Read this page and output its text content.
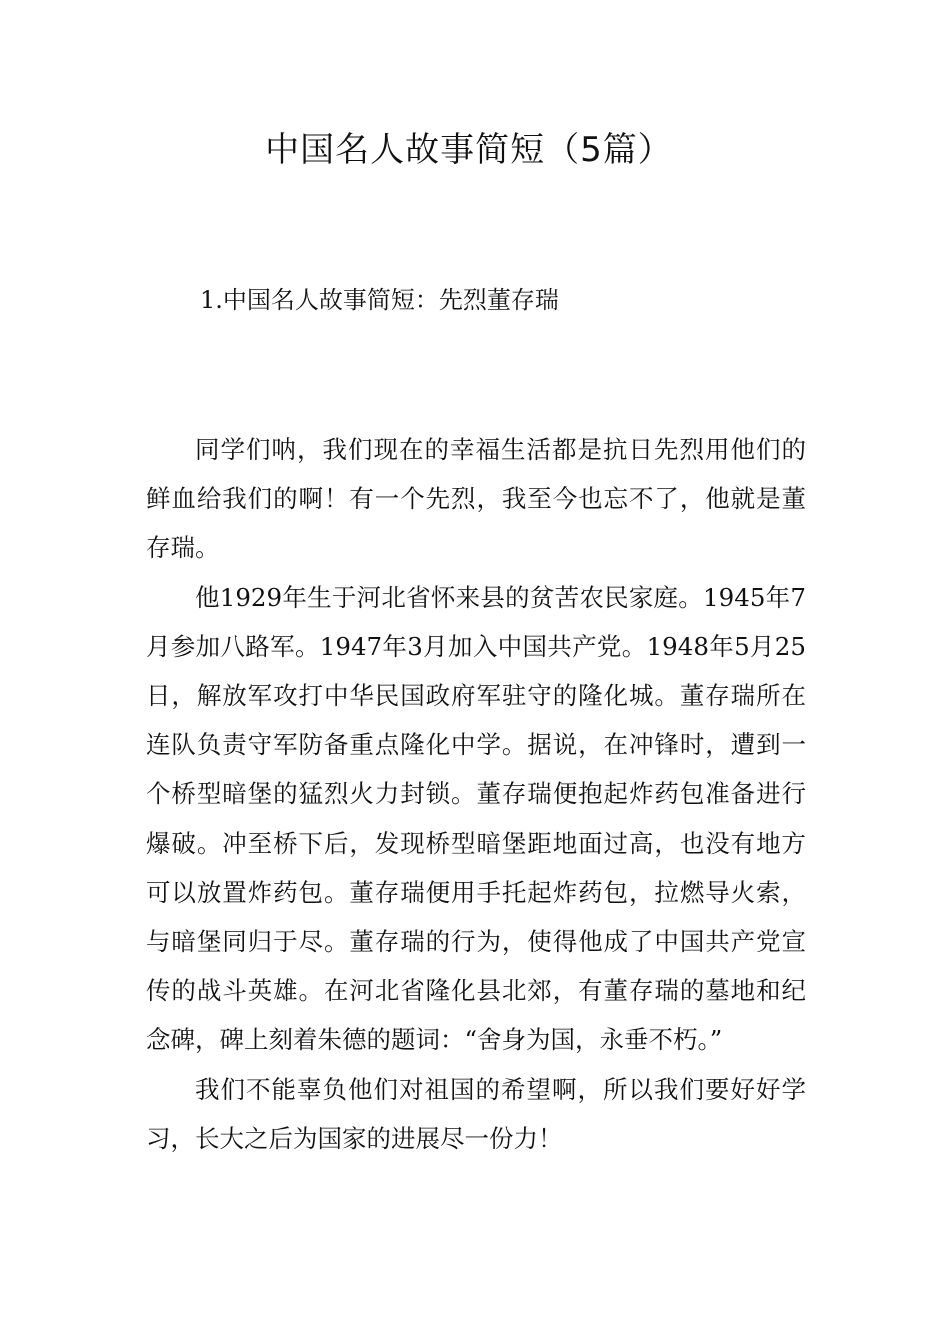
中国名人故事简短（5篇）
1.中国名人故事简短：先烈董存瑞

同学们呐，我们现在的幸福生活都是抗日先烈用他们的鲜血给我们的啊！有一个先烈，我至今也忘不了，他就是董存瑞。

他1929年生于河北省怀来县的贫苦农民家庭。1945年7月参加八路军。1947年3月加入中国共产党。1948年5月25日，解放军攻打中华民国政府军驻守的隆化城。董存瑞所在连队负责守军防备重点隆化中学。据说，在冲锋时，遭到一个桥型暗堡的猛烈火力封锁。董存瑞便抱起炸药包准备进行爆破。冲至桥下后，发现桥型暗堡距地面过高，也没有地方可以放置炸药包。董存瑞便用手托起炸药包，拉燃导火索，与暗堡同归于尽。董存瑞的行为，使得他成了中国共产党宣传的战斗英雄。在河北省隆化县北郊，有董存瑞的墓地和纪念碑，碑上刻着朱德的题词：“舍身为国，永垂不朽。”

我们不能辜负他们对祖国的希望啊，所以我们要好好学习，长大之后为国家的进展尽一份力！
